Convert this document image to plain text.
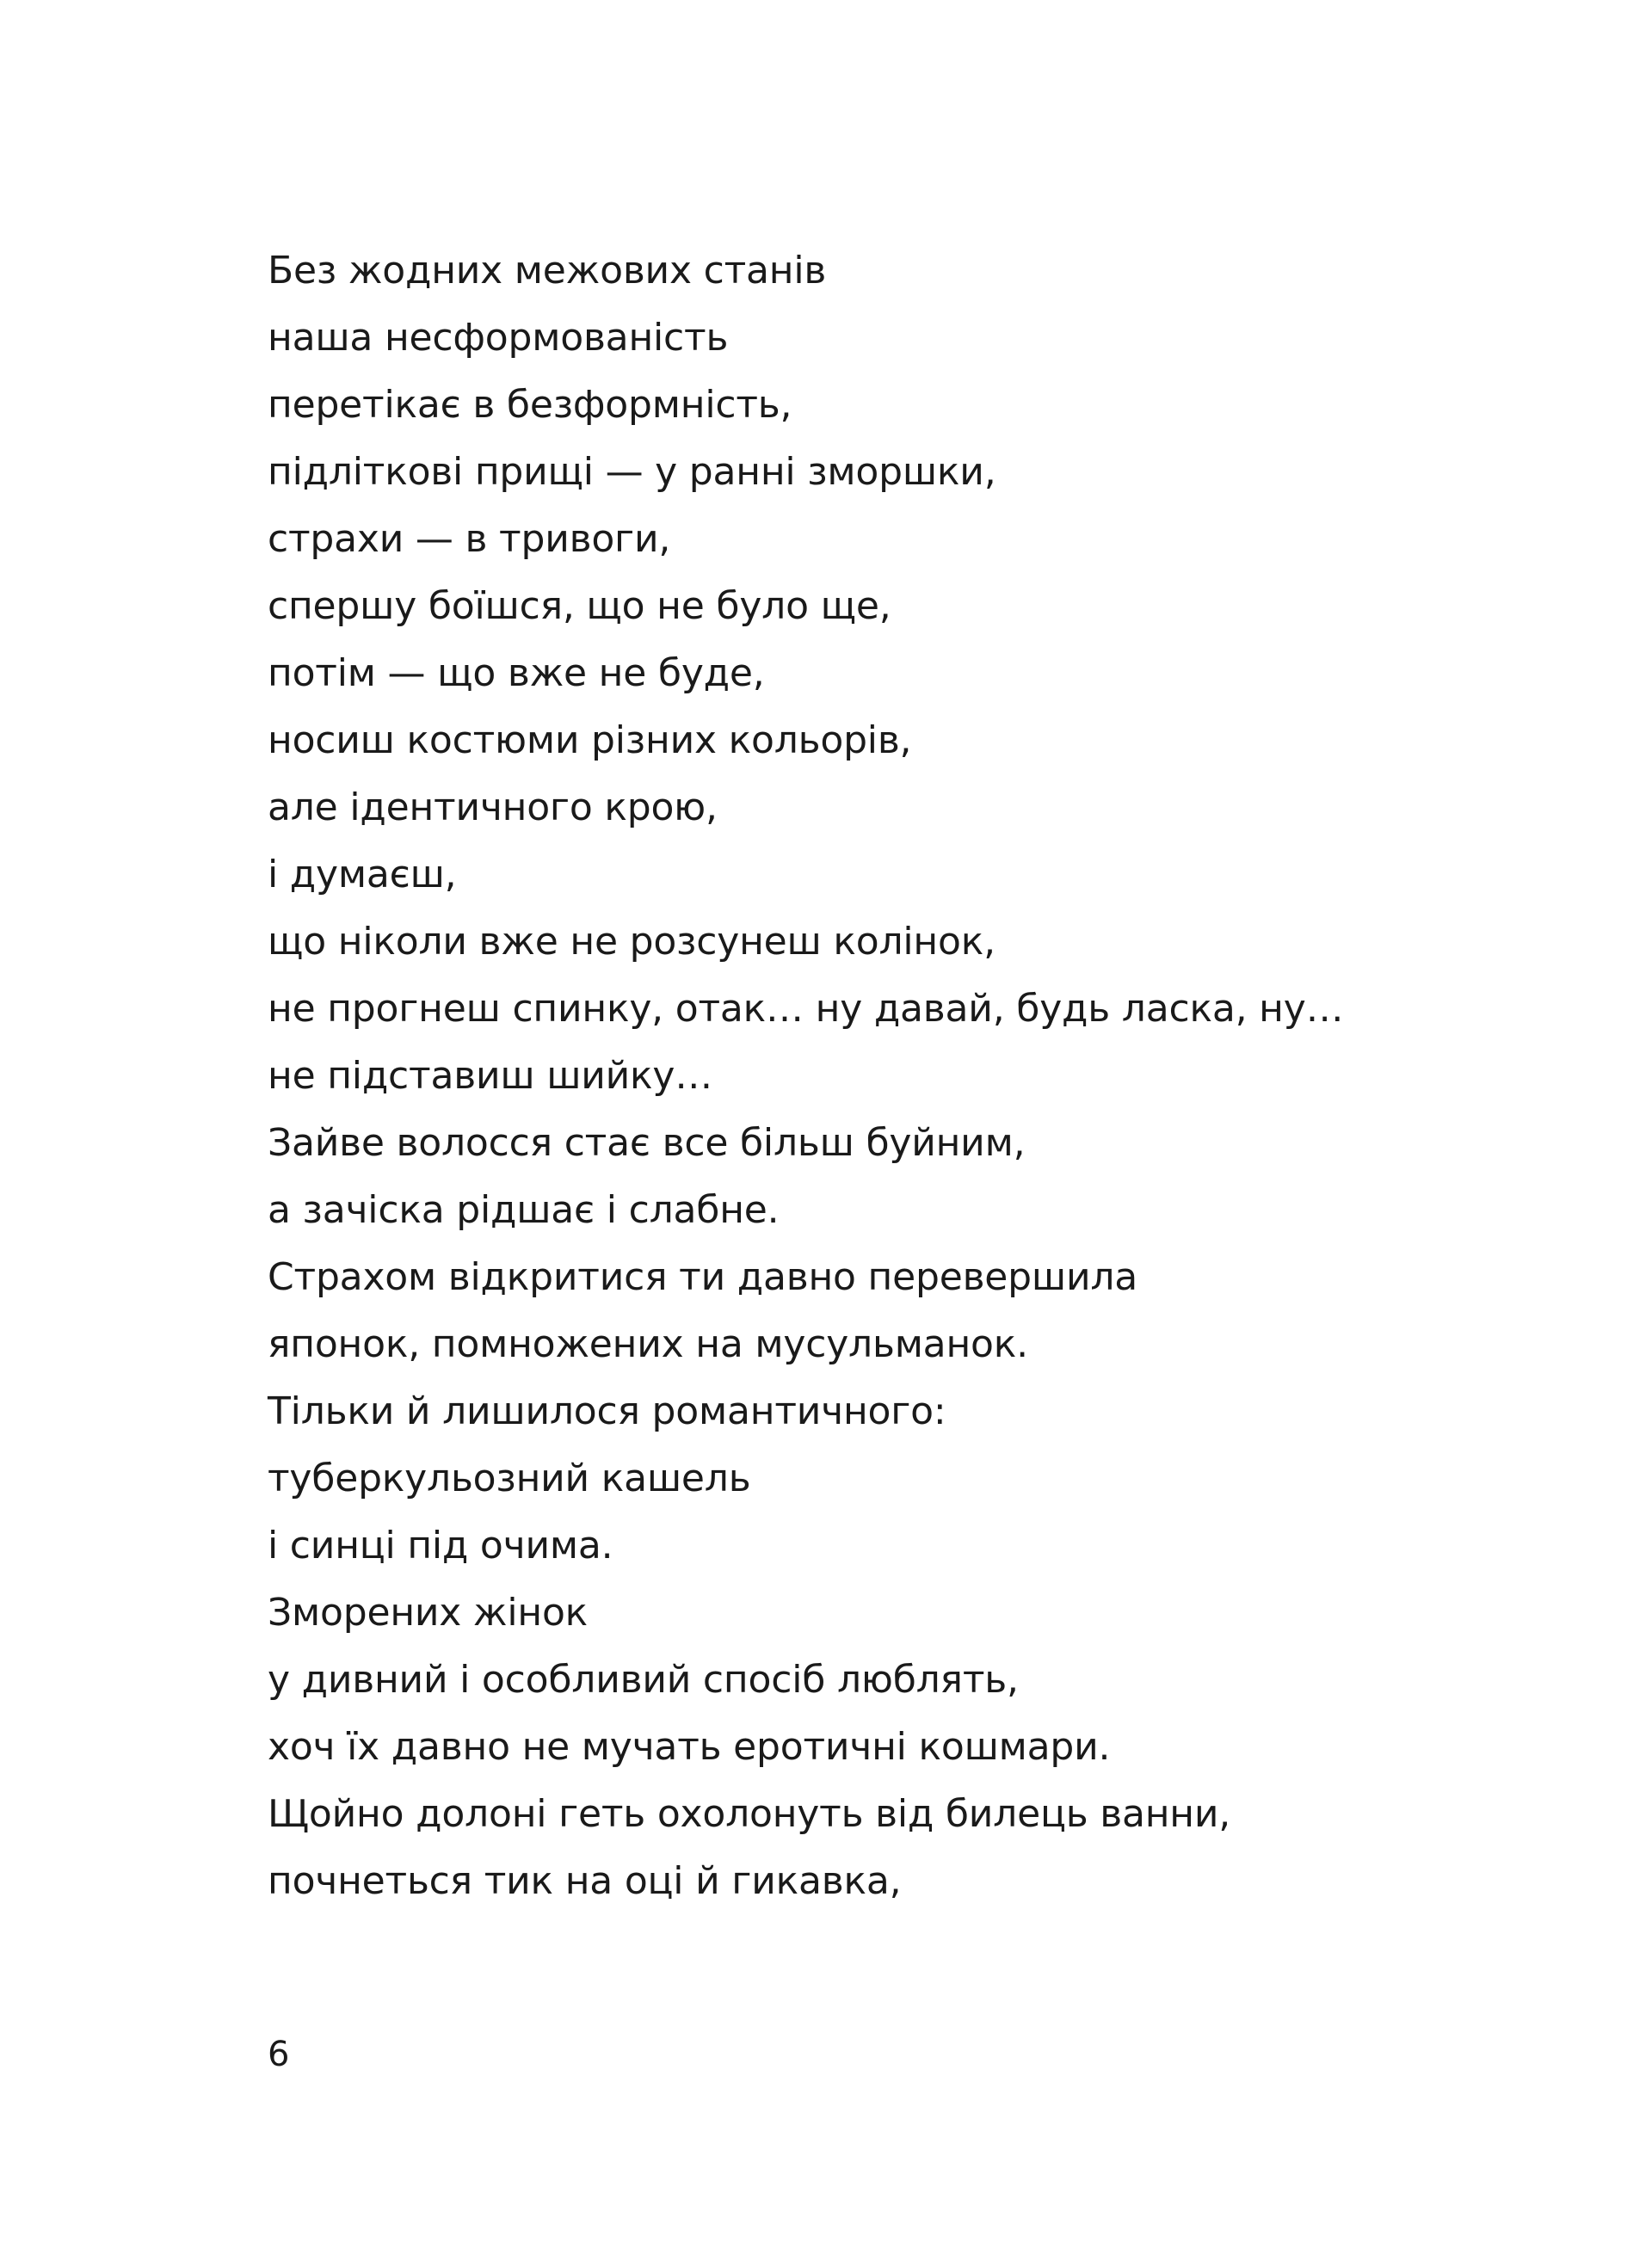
Без жодних межових станів
наша несформованість
перетікає в безформність,
підліткові прищі — у ранні зморшки,
страхи — в тривоги,
спершу боїшся, що не було ще,
потім — що вже не буде,
носиш костюми різних кольорів,
але ідентичного крою,
і думаєш,
що ніколи вже не розсунеш колінок,
не прогнеш спинку, отак… ну давай, будь ласка, ну…
не підставиш шийку…
Зайве волосся стає все більш буйним,
а зачіска рідшає і слабне.
Страхом відкритися ти давно перевершила
японок, помножених на мусульманок.
Тільки й лишилося романтичного:
туберкульозний кашель
і синці під очима.
Зморених жінок
у дивний і особливий спосіб люблять,
хоч їх давно не мучать еротичні кошмари.
Щойно долоні геть охолонуть від билець ванни,
почнеться тик на оці й гикавка,
6
